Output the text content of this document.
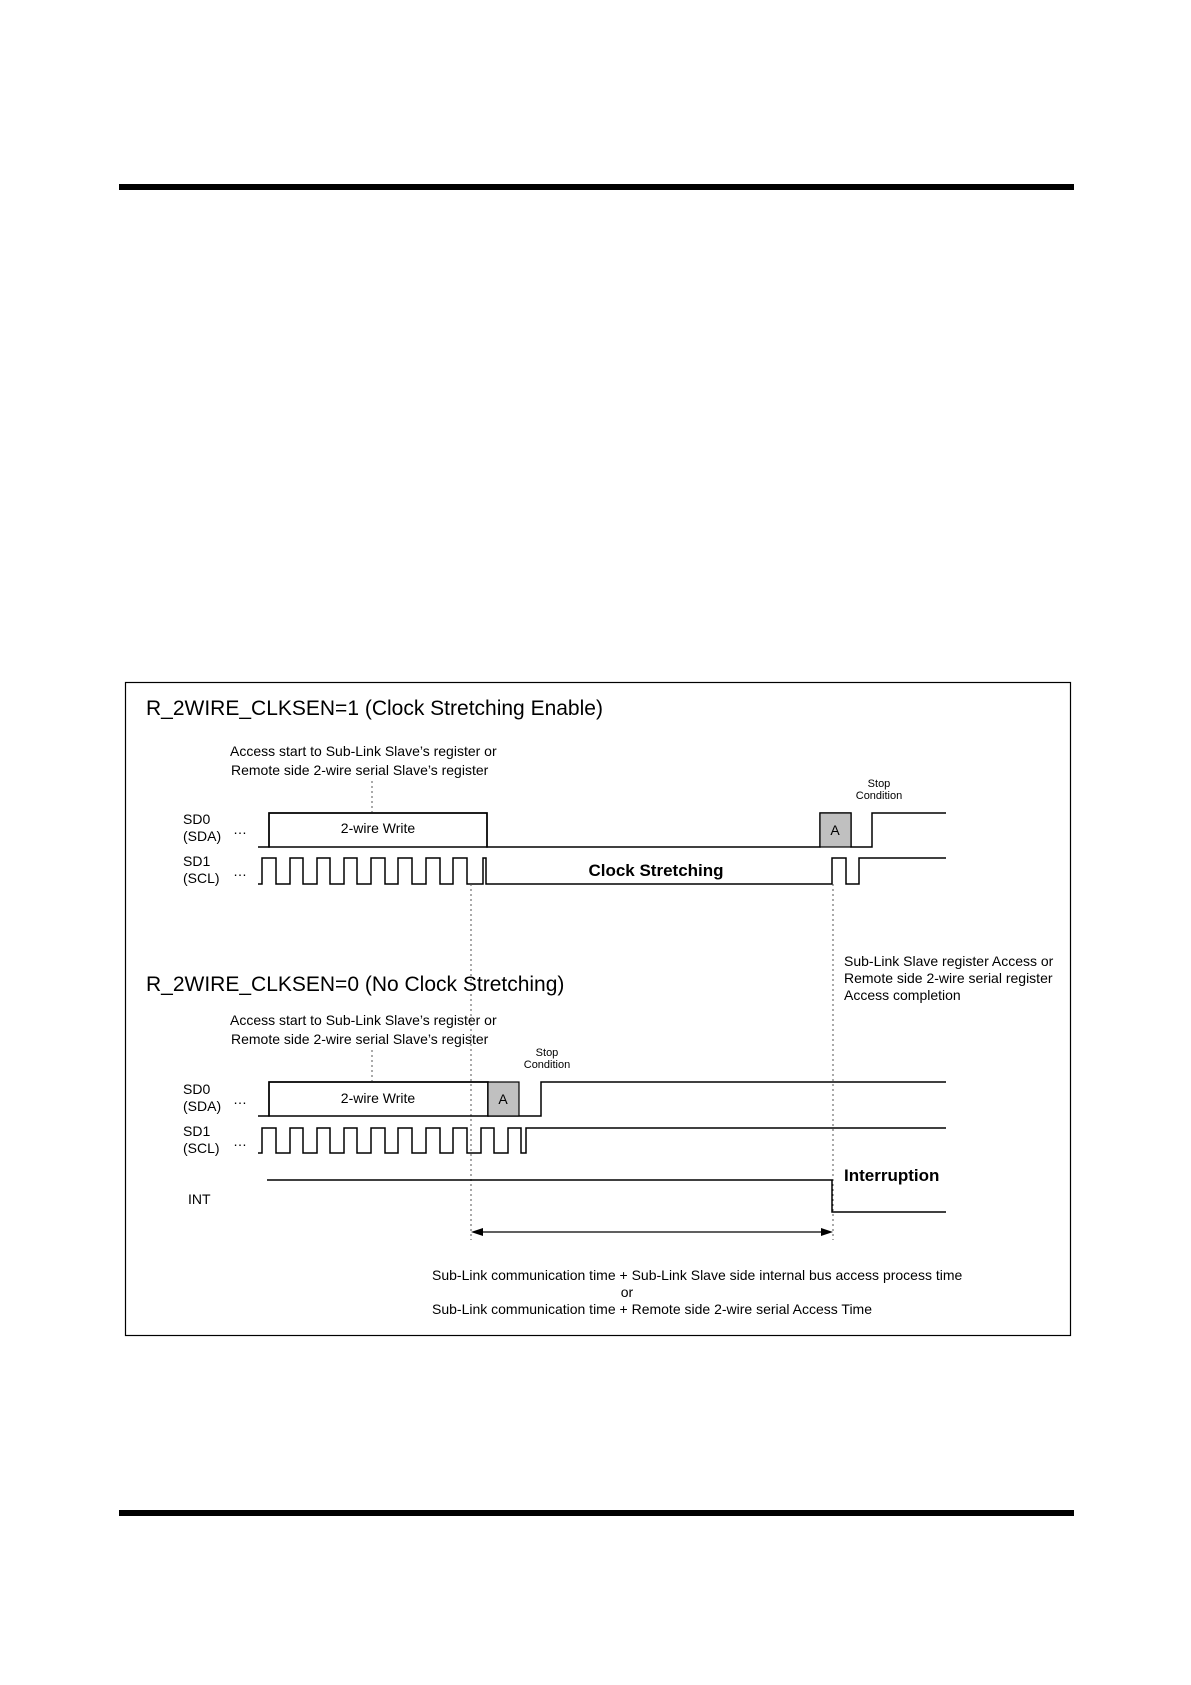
R_2WIRE_CLKSEN=1 (Clock Stretching Enable)
Access start to Sub-Link Slave’s register or
Remote side 2-wire serial Slave’s register
Stop
Condition
SD0
(SDA) …
SD1
(SCL) …
2-wire Write	A
Clock Stretching
Sub-Link Slave register Access or
Remote side 2-wire serial register
Access completion
R_2WIRE_CLKSEN=0 (No Clock Stretching)
Access start to Sub-Link Slave’s register or
Remote side 2-wire serial Slave’s register
Stop
Condition
SD0
(SDA) …
SD1
(SCL) …
INT
2-wire Write	A
Interruption
Sub-Link communication time + Sub-Link Slave side internal bus access process time
or
Sub-Link communication time + Remote side 2-wire serial Access Time
